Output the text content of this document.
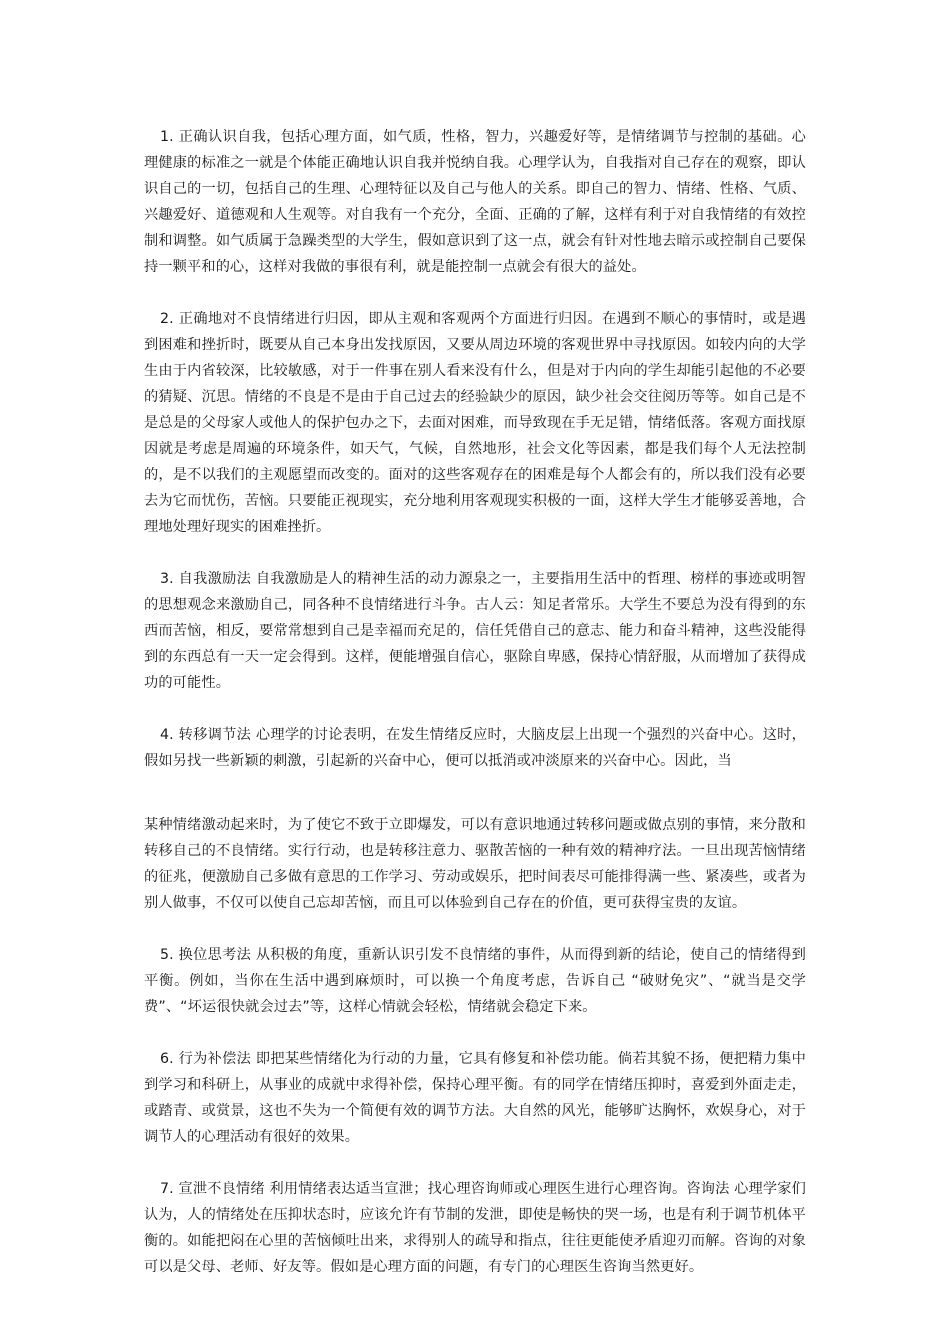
1. 正确认识自我，包括心理方面，如气质，性格，智力，兴趣爱好等，是情绪调节与控制的基础。心理健康的标准之一就是个体能正确地认识自我并悦纳自我。心理学认为，自我指对自己存在的观察，即认识自己的一切，包括自己的生理、心理特征以及自己与他人的关系。即自己的智力、情绪、性格、气质、兴趣爱好、道德观和人生观等。对自我有一个充分，全面、正确的了解，这样有利于对自我情绪的有效控制和调整。如气质属于急躁类型的大学生，假如意识到了这一点，就会有针对性地去暗示或控制自己要保持一颗平和的心，这样对我做的事很有利，就是能控制一点就会有很大的益处。

2. 正确地对不良情绪进行归因，即从主观和客观两个方面进行归因。在遇到不顺心的事情时，或是遇到困难和挫折时，既要从自己本身出发找原因，又要从周边环境的客观世界中寻找原因。如较内向的大学生由于内省较深，比较敏感，对于一件事在别人看来没有什么，但是对于内向的学生却能引起他的不必要的猜疑、沉思。情绪的不良是不是由于自己过去的经验缺少的原因，缺少社会交往阅历等等。如自己是不是总是的父母家人或他人的保护包办之下，去面对困难，而导致现在手无足错，情绪低落。客观方面找原因就是考虑是周遍的环境条件，如天气，气候，自然地形，社会文化等因素，都是我们每个人无法控制的，是不以我们的主观愿望而改变的。面对的这些客观存在的困难是每个人都会有的，所以我们没有必要去为它而忧伤，苦恼。只要能正视现实，充分地利用客观现实积极的一面，这样大学生才能够妥善地，合理地处理好现实的困难挫折。

3. 自我激励法 自我激励是人的精神生活的动力源泉之一，主要指用生活中的哲理、榜样的事迹或明智的思想观念来激励自己，同各种不良情绪进行斗争。古人云：知足者常乐。大学生不要总为没有得到的东西而苦恼，相反，要常常想到自己是幸福而充足的，信任凭借自己的意志、能力和奋斗精神，这些没能得到的东西总有一天一定会得到。这样，便能增强自信心，驱除自卑感，保持心情舒服，从而增加了获得成功的可能性。

4. 转移调节法 心理学的讨论表明，在发生情绪反应时，大脑皮层上出现一个强烈的兴奋中心。这时，假如另找一些新颖的刺激，引起新的兴奋中心，便可以抵消或冲淡原来的兴奋中心。因此，当

某种情绪激动起来时，为了使它不致于立即爆发，可以有意识地通过转移问题或做点别的事情，来分散和转移自己的不良情绪。实行行动，也是转移注意力、驱散苦恼的一种有效的精神疗法。一旦出现苦恼情绪的征兆，便激励自己多做有意思的工作学习、劳动或娱乐，把时间表尽可能排得满一些、紧凑些，或者为别人做事，不仅可以使自己忘却苦恼，而且可以体验到自己存在的价值，更可获得宝贵的友谊。

5. 换位思考法 从积极的角度，重新认识引发不良情绪的事件，从而得到新的结论，使自己的情绪得到平衡。例如，当你在生活中遇到麻烦时，可以换一个角度考虑，告诉自己 “破财免灾”、“就当是交学费”、“坏运很快就会过去”等，这样心情就会轻松，情绪就会稳定下来。

6. 行为补偿法 即把某些情绪化为行动的力量，它具有修复和补偿功能。倘若其貌不扬，便把精力集中到学习和科研上，从事业的成就中求得补偿，保持心理平衡。有的同学在情绪压抑时，喜爱到外面走走，或踏青、或赏景，这也不失为一个简便有效的调节方法。大自然的风光，能够旷达胸怀，欢娱身心，对于调节人的心理活动有很好的效果。

7. 宣泄不良情绪 利用情绪表达适当宣泄；找心理咨询师或心理医生进行心理咨询。咨询法 心理学家们认为，人的情绪处在压抑状态时，应该允许有节制的发泄，即使是畅快的哭一场，也是有利于调节机体平衡的。如能把闷在心里的苦恼倾吐出来，求得别人的疏导和指点，往往更能使矛盾迎刃而解。咨询的对象可以是父母、老师、好友等。假如是心理方面的问题，有专门的心理医生咨询当然更好。
